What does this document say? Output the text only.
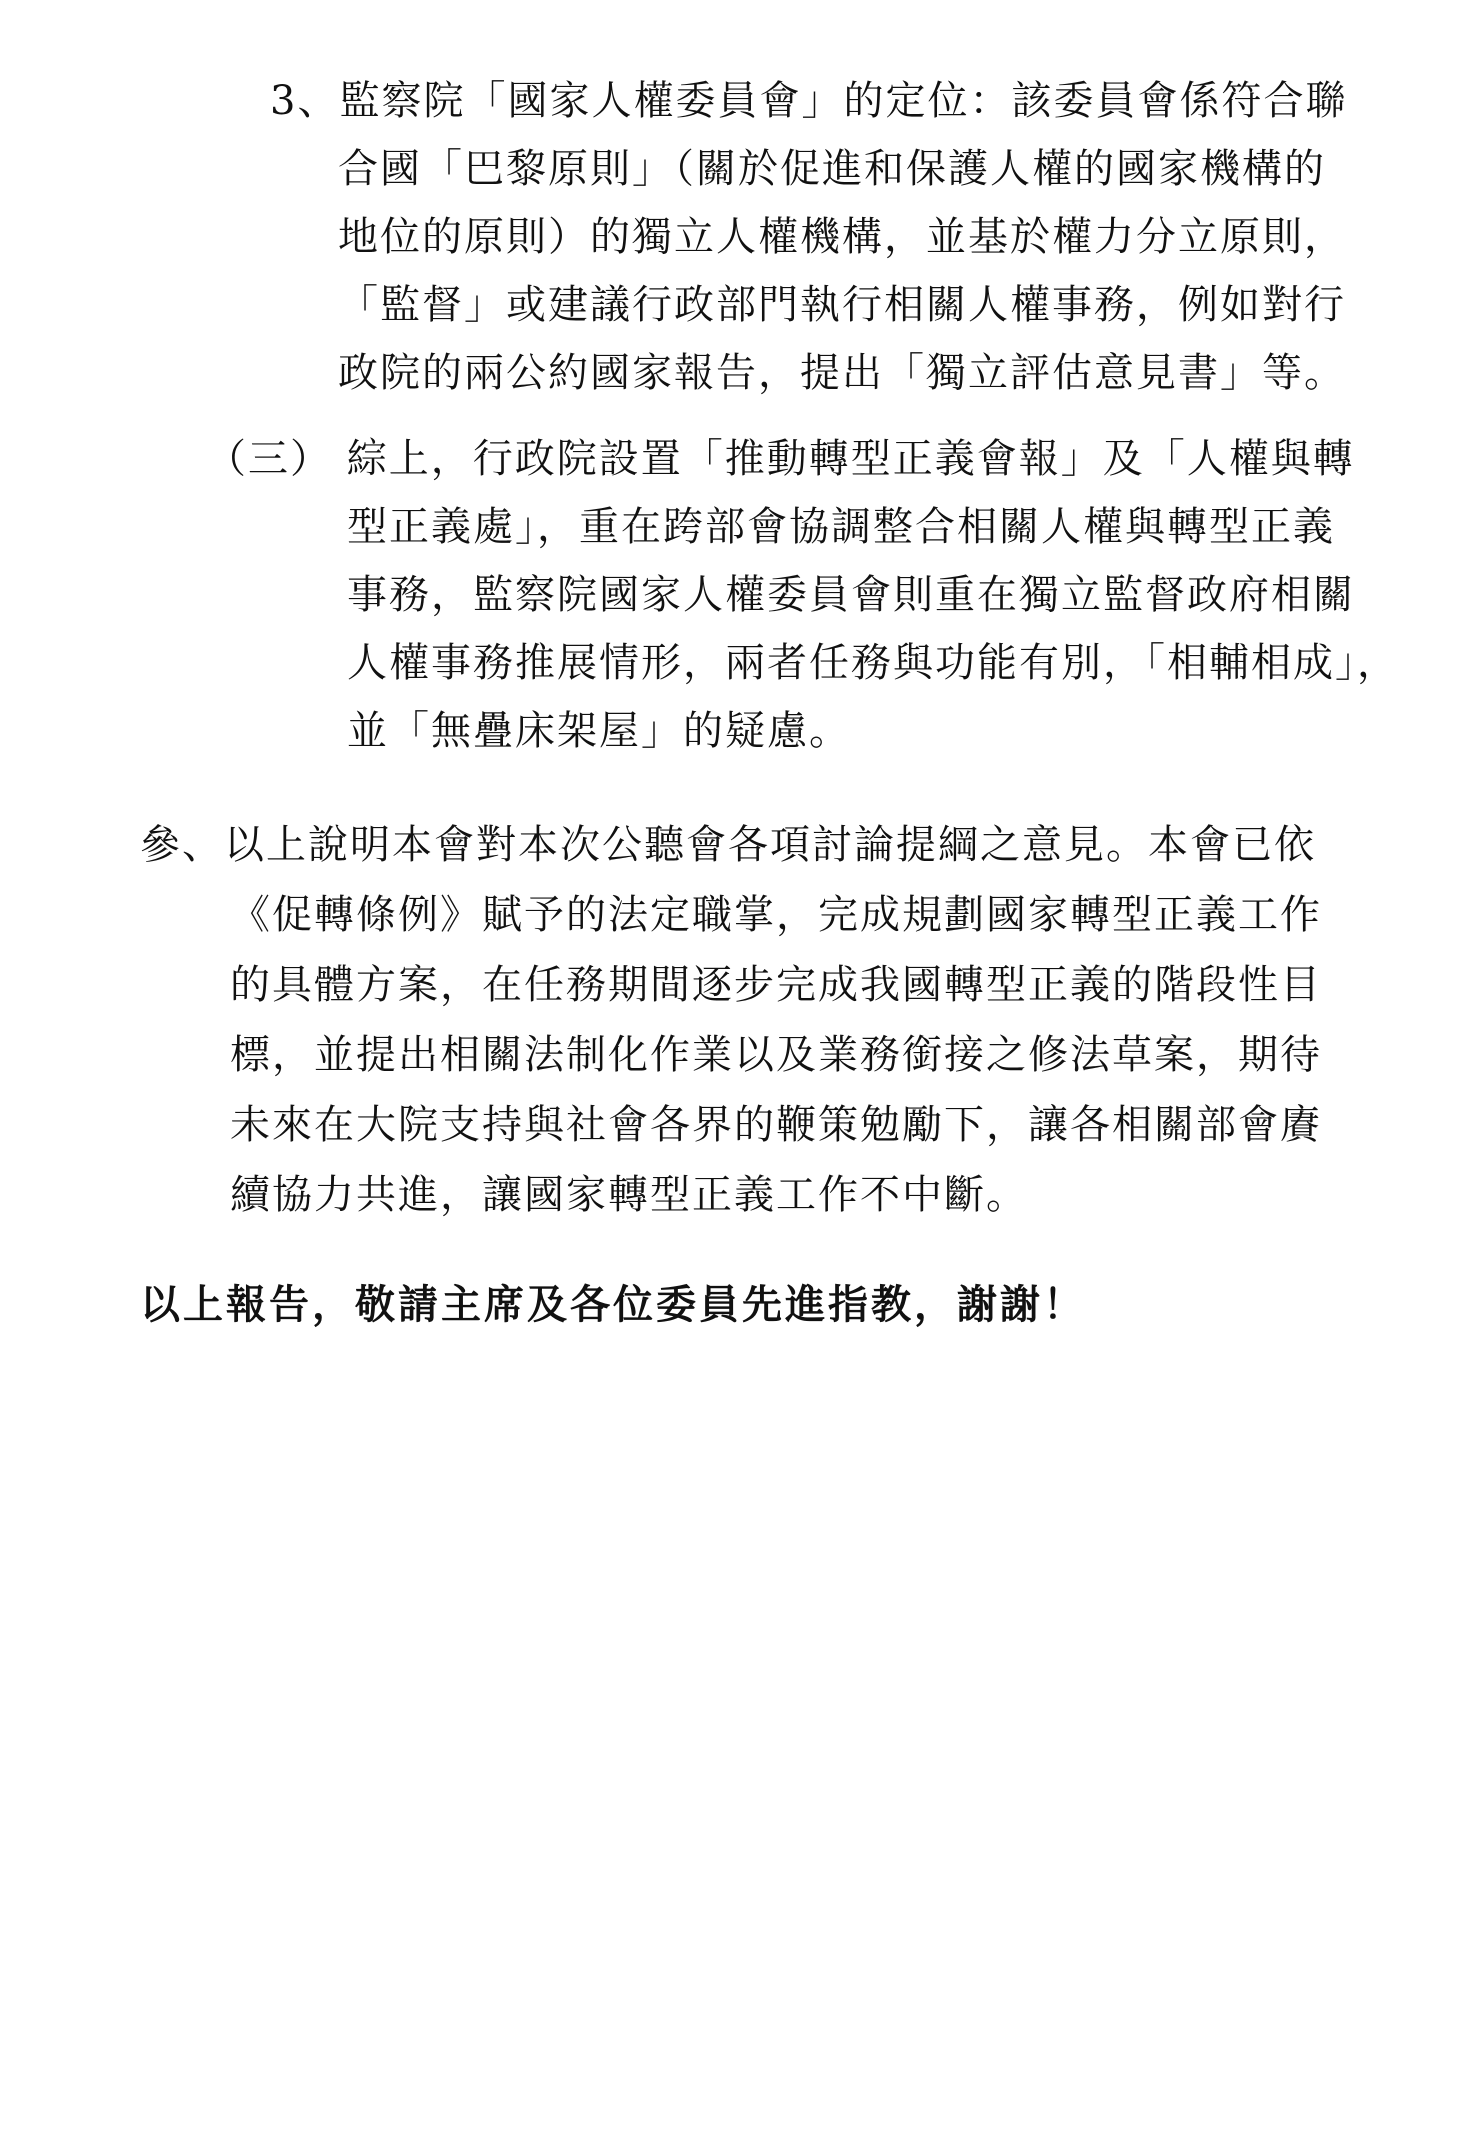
3、監察院「國家人權委員會」的定位：該委員會係符合聯
合國「巴黎原則」（關於促進和保護人權的國家機構的
地位的原則）的獨立人權機構，並基於權力分立原則，
「監督」或建議行政部門執行相關人權事務，例如對行
政院的兩公約國家報告，提出「獨立評估意見書」等。
（三） 綜上，行政院設置「推動轉型正義會報」及「人權與轉
型正義處」，重在跨部會協調整合相關人權與轉型正義
事務，監察院國家人權委員會則重在獨立監督政府相關
人權事務推展情形，兩者任務與功能有別，「相輔相成」，
並「無疊床架屋」的疑慮。
參、以上說明本會對本次公聽會各項討論提綱之意見。本會已依
《促轉條例》賦予的法定職掌，完成規劃國家轉型正義工作
的具體方案，在任務期間逐步完成我國轉型正義的階段性目
標，並提出相關法制化作業以及業務銜接之修法草案，期待
未來在大院支持與社會各界的鞭策勉勵下，讓各相關部會賡
續協力共進，讓國家轉型正義工作不中斷。
以上報告，敬請主席及各位委員先進指教，謝謝！
